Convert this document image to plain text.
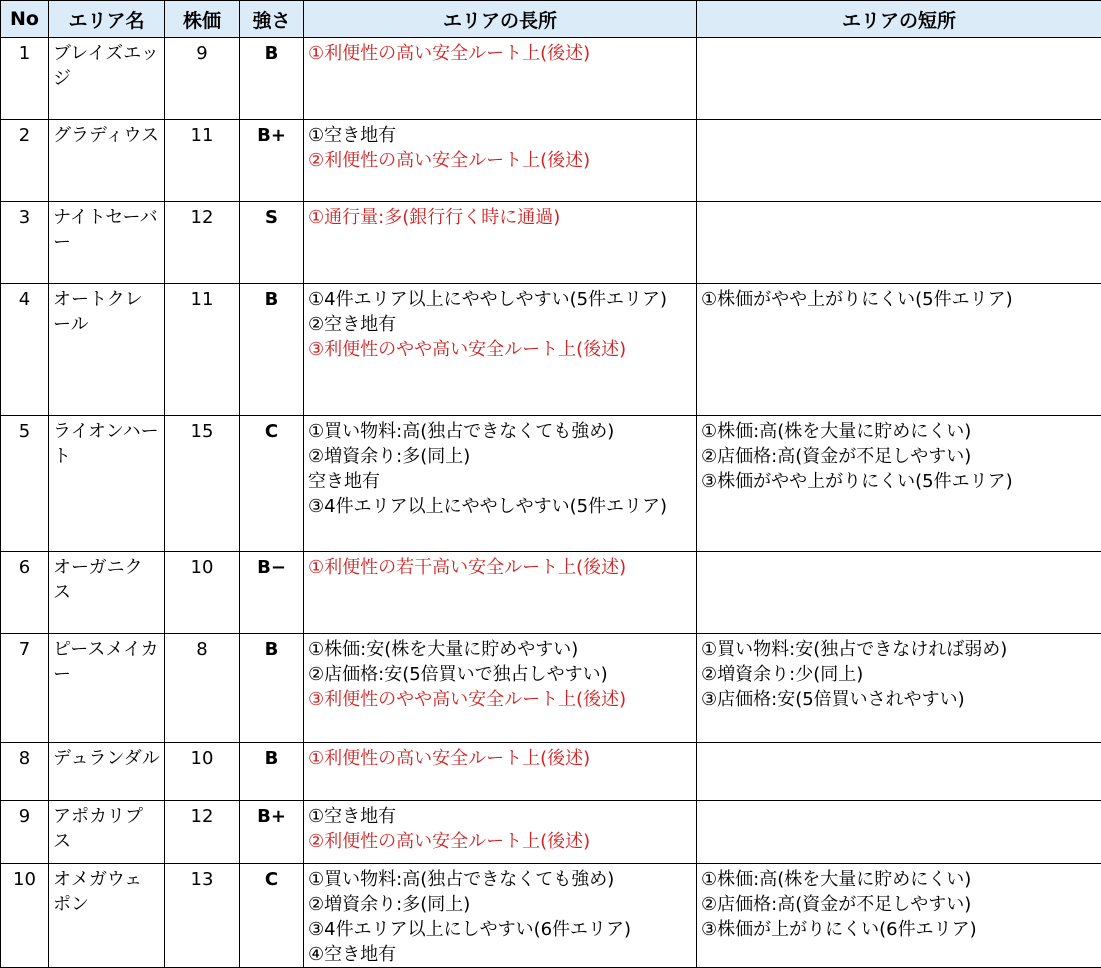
No	エリア名	株価	強さ	エリアの長所	エリアの短所
1	ブレイズエッジ	9	B	①利便性の高い安全ルート上(後述)	

2	グラディウス	11	B+	①空き地有
②利便性の高い安全ルート上(後述)	

3	ナイトセーバー	12	S	①通行量:多(銀行行く時に通過)	

4	オートクレール	11	B	①4件エリア以上にややしやすい(5件エリア)
②空き地有
③利便性のやや高い安全ルート上(後述)	①株価がやや上がりにくい(5件エリア)

5	ライオンハート	15	C	①買い物料:高(独占できなくても強め)
②増資余り:多(同上)
空き地有
③4件エリア以上にややしやすい(5件エリア)	①株価:高(株を大量に貯めにくい)
②店価格:高(資金が不足しやすい)
③株価がやや上がりにくい(5件エリア)

6	オーガニクス	10	B−	①利便性の若干高い安全ルート上(後述)	

7	ピースメイカー	8	B	①株価:安(株を大量に貯めやすい)
②店価格:安(5倍買いで独占しやすい)
③利便性のやや高い安全ルート上(後述)	①買い物料:安(独占できなければ弱め)
②増資余り:少(同上)
③店価格:安(5倍買いされやすい)

8	デュランダル	10	B	①利便性の高い安全ルート上(後述)	

9	アポカリプス	12	B+	①空き地有
②利便性の高い安全ルート上(後述)	

10	オメガウェポン	13	C	①買い物料:高(独占できなくても強め)
②増資余り:多(同上)
③4件エリア以上にしやすい(6件エリア)
④空き地有	①株価:高(株を大量に貯めにくい)
②店価格:高(資金が不足しやすい)
③株価が上がりにくい(6件エリア)
